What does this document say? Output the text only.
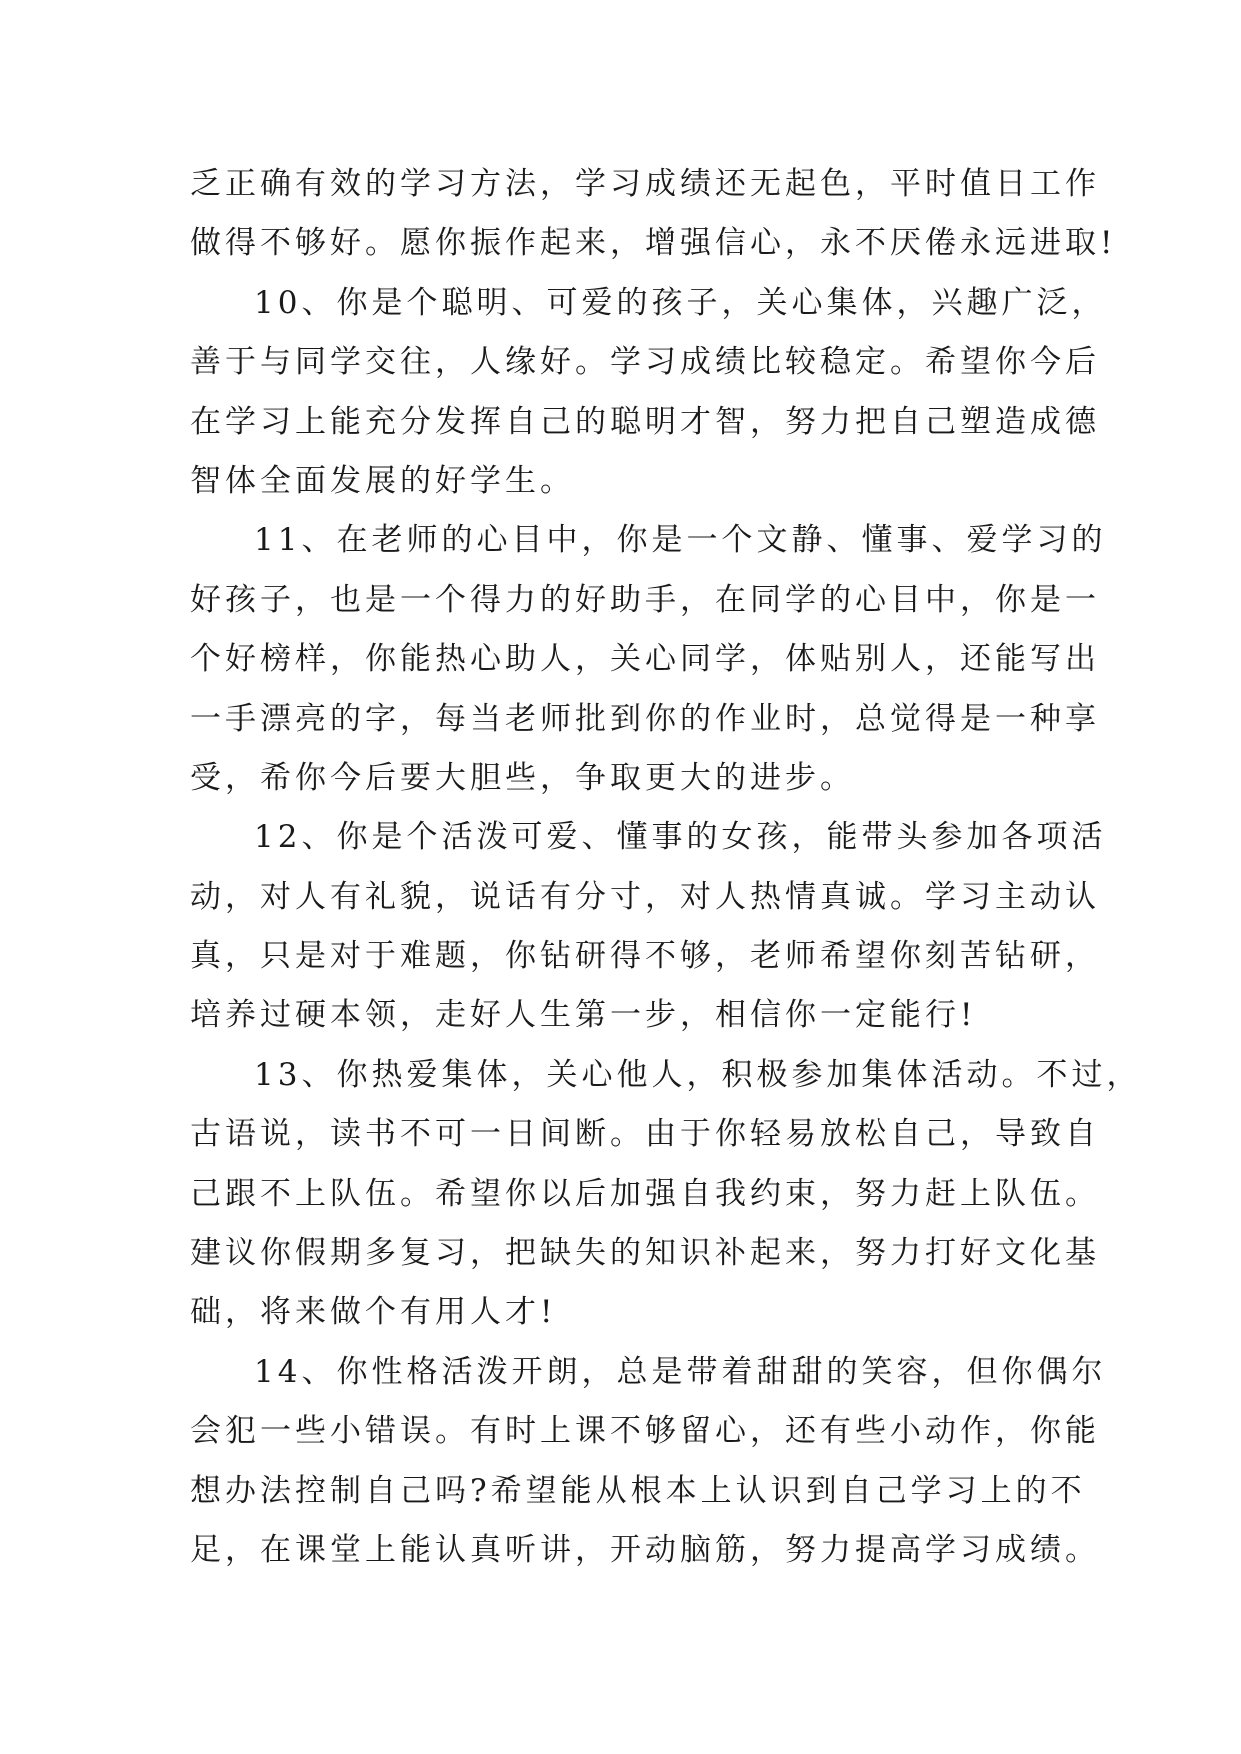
乏正确有效的学习方法，学习成绩还无起色，平时值日工作
做得不够好。愿你振作起来，增强信心，永不厌倦永远进取!
10、你是个聪明、可爱的孩子，关心集体，兴趣广泛，
善于与同学交往，人缘好。学习成绩比较稳定。希望你今后
在学习上能充分发挥自己的聪明才智，努力把自己塑造成德
智体全面发展的好学生。
11、在老师的心目中，你是一个文静、懂事、爱学习的
好孩子，也是一个得力的好助手，在同学的心目中，你是一
个好榜样，你能热心助人，关心同学，体贴别人，还能写出
一手漂亮的字，每当老师批到你的作业时，总觉得是一种享
受，希你今后要大胆些，争取更大的进步。
12、你是个活泼可爱、懂事的女孩，能带头参加各项活
动，对人有礼貌，说话有分寸，对人热情真诚。学习主动认
真，只是对于难题，你钻研得不够，老师希望你刻苦钻研，
培养过硬本领，走好人生第一步，相信你一定能行!
13、你热爱集体，关心他人，积极参加集体活动。不过，
古语说，读书不可一日间断。由于你轻易放松自己，导致自
己跟不上队伍。希望你以后加强自我约束，努力赶上队伍。
建议你假期多复习，把缺失的知识补起来，努力打好文化基
础，将来做个有用人才!
14、你性格活泼开朗，总是带着甜甜的笑容，但你偶尔
会犯一些小错误。有时上课不够留心，还有些小动作，你能
想办法控制自己吗?希望能从根本上认识到自己学习上的不
足，在课堂上能认真听讲，开动脑筋，努力提高学习成绩。
